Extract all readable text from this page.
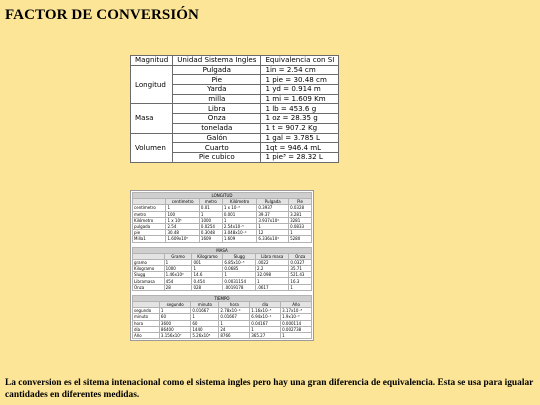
FACTOR DE CONVERSIÓN
Magnitud	Unidad Sistema Ingles	Equivalencia con SI
Longitud	Pulgada	1in = 2.54 cm
	Pie	1 pie = 30.48 cm
	Yarda	1 yd = 0.914 m
	milla	1 mi = 1.609 Km
Masa	Libra	1 lb = 453.6 g
	Onza	1 oz = 28.35 g
	tonelada	1 t = 907.2 Kg
Volumen	Galón	1 gal = 3.785 L
	Cuarto	1qt = 946.4 mL
	Pie cubico	1 pie³ = 28.32 L
LONGITUD					
	centímetro	metro	Kilómetro	Pulgada	Pie
centímetro	1	0.01	1 x 10⁻⁵	0.3937	0.0328
metro	100	1	0.001	39.37	3.281
Kilómetro	1 x 10⁵	1000	1	3.937x10⁴	3281
pulgada	2.54	0.0254	2.54x10⁻⁵	1	0.0833
pie	30.48	0.3048	3.048x10⁻⁴	12	1
Milla1	1.609x10⁵	1609	1.609	6.336x10⁴	5280
MASA					
	Gramo	Kilogramo	Slugg	Libra masa	Onza
gramo	1	001	6.85x10⁻⁵	.0022	0.0327
Kilogramo	1000	1	0.0685	2.2	35.71
Slugg	1.46x10⁴	14.6	1	32.098	521.43
Libramasa	454	0.454	0.0031154	1	16.3
Onza	28	028	.0019178	.0617	1
TIEMPO					
	segundo	minuto	hora	día	Año
segundo	1	0.01667	2.78x10⁻⁴	1.16x10⁻⁵	3.17x10⁻⁸
minuto	60	1	0.01667	6.94x10⁻⁴	1.9x10⁻⁶
hora	3600	60	1	0.04167	0.000114
día	86400	1440	24	1	0.002738
Año	3.156x10⁷	5.26x10⁵	8766	365.27	1
La conversion es el sitema intenacional como el sistema ingles pero hay una gran diferencia de equivalencia. Esta se usa para igualar cantidades en diferentes medidas.
